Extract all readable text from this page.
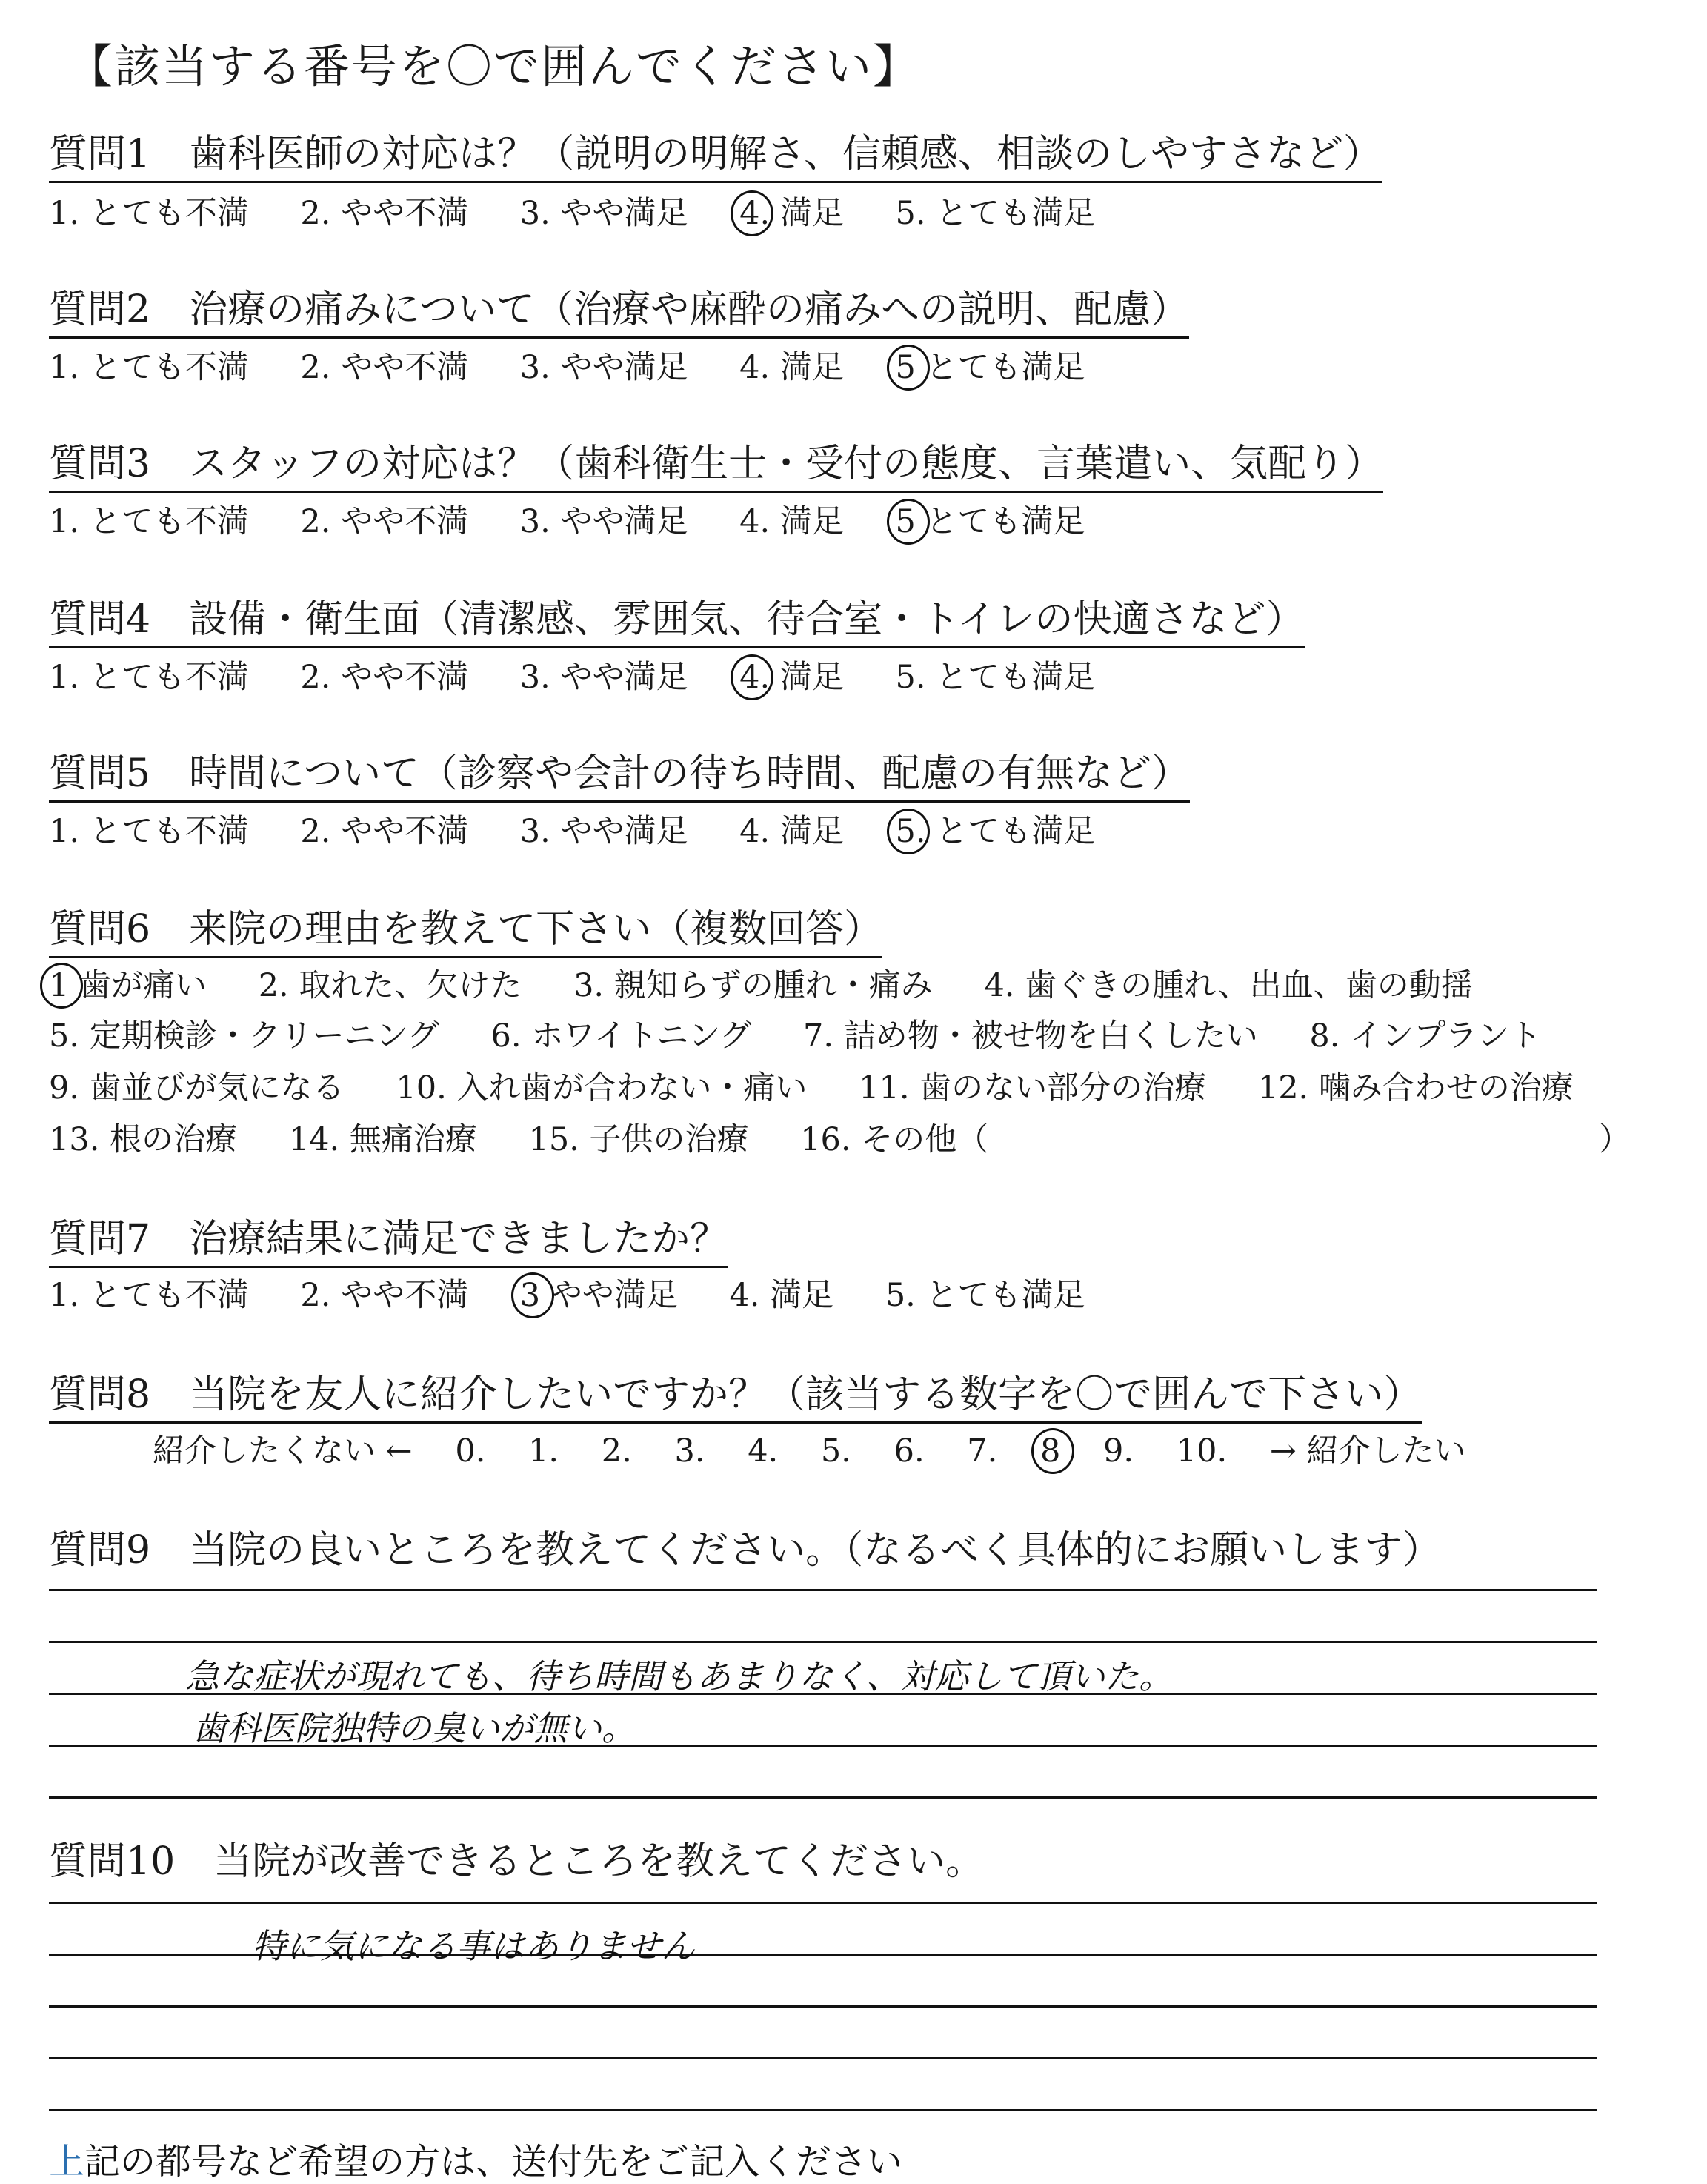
【該当する番号を〇で囲んでください】
質問1　歯科医師の対応は？（説明の明解さ、信頼感、相談のしやすさなど）
1. とても不満 2. やや不満 3. やや満足 4. 満足 5. とても満足
質問2　治療の痛みについて（治療や麻酔の痛みへの説明、配慮）
1. とても不満 2. やや不満 3. やや満足 4. 満足 5 とても満足
質問3　スタッフの対応は？（歯科衛生士・受付の態度、言葉遣い、気配り）
1. とても不満 2. やや不満 3. やや満足 4. 満足 5 とても満足
質問4　設備・衛生面（清潔感、雰囲気、待合室・トイレの快適さなど）
1. とても不満 2. やや不満 3. やや満足 4. 満足 5. とても満足
質問5　時間について（診察や会計の待ち時間、配慮の有無など）
1. とても不満 2. やや不満 3. やや満足 4. 満足 5. とても満足
質問6　来院の理由を教えて下さい（複数回答）
1 歯が痛い 2. 取れた、欠けた 3. 親知らずの腫れ・痛み 4. 歯ぐきの腫れ、出血、歯の動揺
5. 定期検診・クリーニング 6. ホワイトニング 7. 詰め物・被せ物を白くしたい 8. インプラント
9. 歯並びが気になる 10. 入れ歯が合わない・痛い 11. 歯のない部分の治療 12. 噛み合わせの治療
13. 根の治療 14. 無痛治療 15. 子供の治療 16. その他（	）
質問7　治療結果に満足できましたか？
1. とても不満 2. やや不満 3 やや満足 4. 満足 5. とても満足
質問8　当院を友人に紹介したいですか？（該当する数字を〇で囲んで下さい）
紹介したくない ← 0. 1. 2. 3. 4. 5. 6. 7. 8 9. 10. → 紹介したい
質問9　当院の良いところを教えてください。（なるべく具体的にお願いします）
急な症状が現れても、待ち時間もあまりなく、対応して頂いた。
歯科医院独特の臭いが無い。
質問10　当院が改善できるところを教えてください。
特に気になる事はありません
上記の都号など希望の方は、送付先をご記入ください
